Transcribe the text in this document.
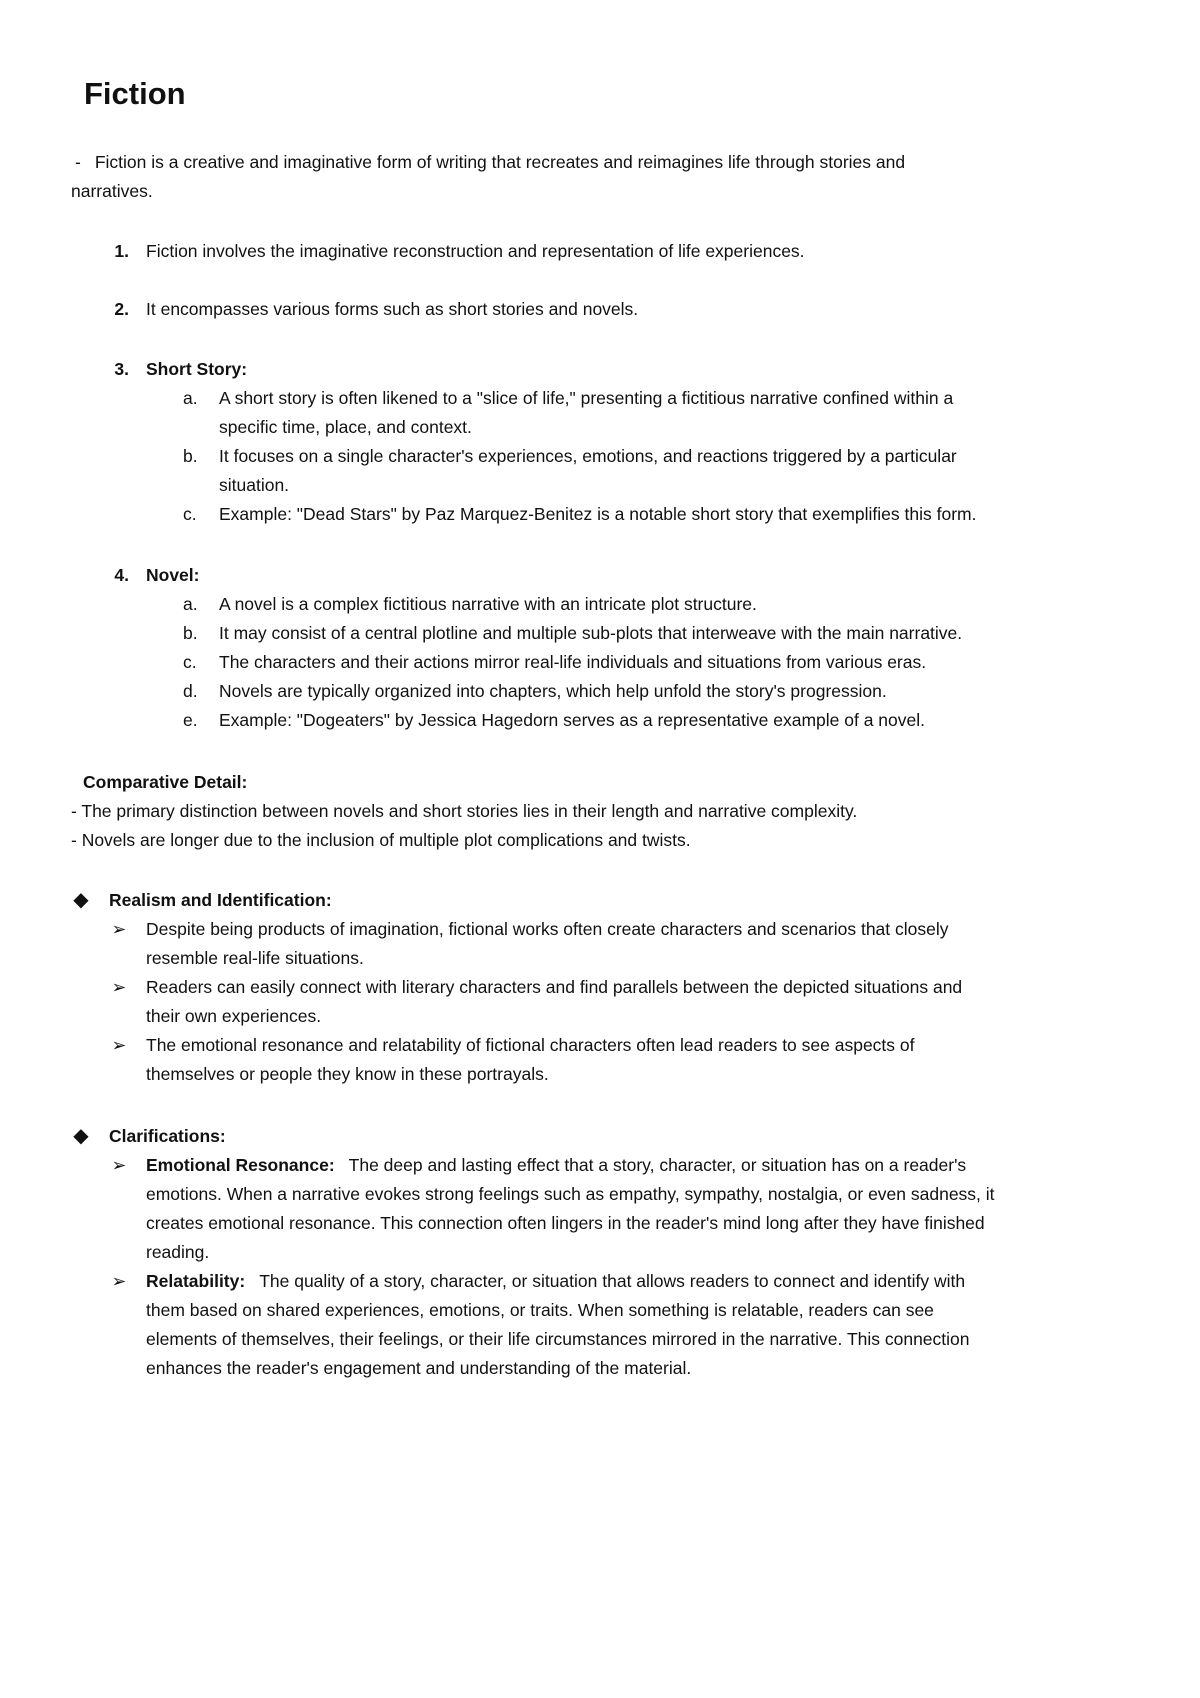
Fiction
- Fiction is a creative and imaginative form of writing that recreates and reimagines life through stories and
narratives.
1. Fiction involves the imaginative reconstruction and representation of life experiences.
2. It encompasses various forms such as short stories and novels.
3. Short Story:
a. A short story is often likened to a "slice of life," presenting a fictitious narrative confined within a
specific time, place, and context.
b. It focuses on a single character's experiences, emotions, and reactions triggered by a particular
situation.
c. Example: "Dead Stars" by Paz Marquez-Benitez is a notable short story that exemplifies this form.
4. Novel:
a. A novel is a complex fictitious narrative with an intricate plot structure.
b. It may consist of a central plotline and multiple sub-plots that interweave with the main narrative.
c. The characters and their actions mirror real-life individuals and situations from various eras.
d. Novels are typically organized into chapters, which help unfold the story's progression.
e. Example: "Dogeaters" by Jessica Hagedorn serves as a representative example of a novel.
Comparative Detail:
- The primary distinction between novels and short stories lies in their length and narrative complexity.
- Novels are longer due to the inclusion of multiple plot complications and twists.
◆ Realism and Identification:
➢ Despite being products of imagination, fictional works often create characters and scenarios that closely
resemble real-life situations.
➢ Readers can easily connect with literary characters and find parallels between the depicted situations and
their own experiences.
➢ The emotional resonance and relatability of fictional characters often lead readers to see aspects of
themselves or people they know in these portrayals.
◆ Clarifications:
➢ Emotional Resonance: The deep and lasting effect that a story, character, or situation has on a reader's
emotions. When a narrative evokes strong feelings such as empathy, sympathy, nostalgia, or even sadness, it
creates emotional resonance. This connection often lingers in the reader's mind long after they have finished
reading.
➢ Relatability: The quality of a story, character, or situation that allows readers to connect and identify with
them based on shared experiences, emotions, or traits. When something is relatable, readers can see
elements of themselves, their feelings, or their life circumstances mirrored in the narrative. This connection
enhances the reader's engagement and understanding of the material.
